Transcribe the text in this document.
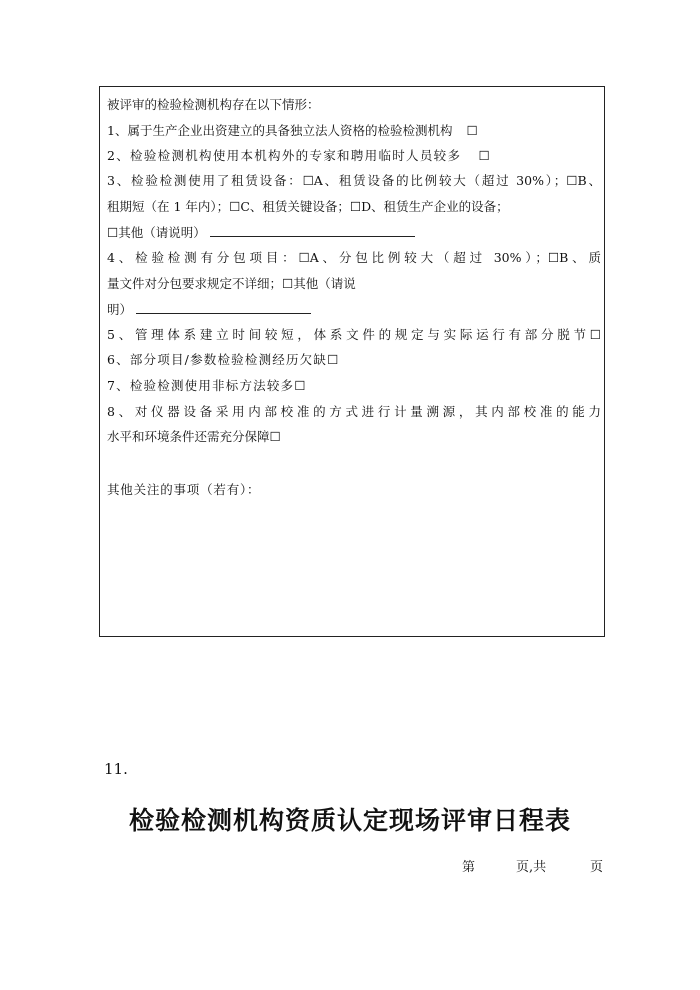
被评审的检验检测机构存在以下情形：
1、属于生产企业出资建立的具备独立法人资格的检验检测机构 ☐
2、检验检测机构使用本机构外的专家和聘用临时人员较多 ☐
3、检验检测使用了租赁设备：☐A、租赁设备的比例较大（超过 30%）；☐B、
租期短（在 1 年内）；☐C、租赁关键设备；☐D、租赁生产企业的设备；
☐其他（请说明）
4、检验检测有分包项目：☐A、分包比例较大（超过 30%）；☐B、质
量文件对分包要求规定不详细；☐其他（请说
明）
5、管理体系建立时间较短，体系文件的规定与实际运行有部分脱节☐
6、部分项目/参数检验检测经历欠缺☐
7、检验检测使用非标方法较多☐
8、对仪器设备采用内部校准的方式进行计量溯源，其内部校准的能力
水平和环境条件还需充分保障☐
其他关注的事项（若有）：
11.
检验检测机构资质认定现场评审日程表
第	页,共	页
